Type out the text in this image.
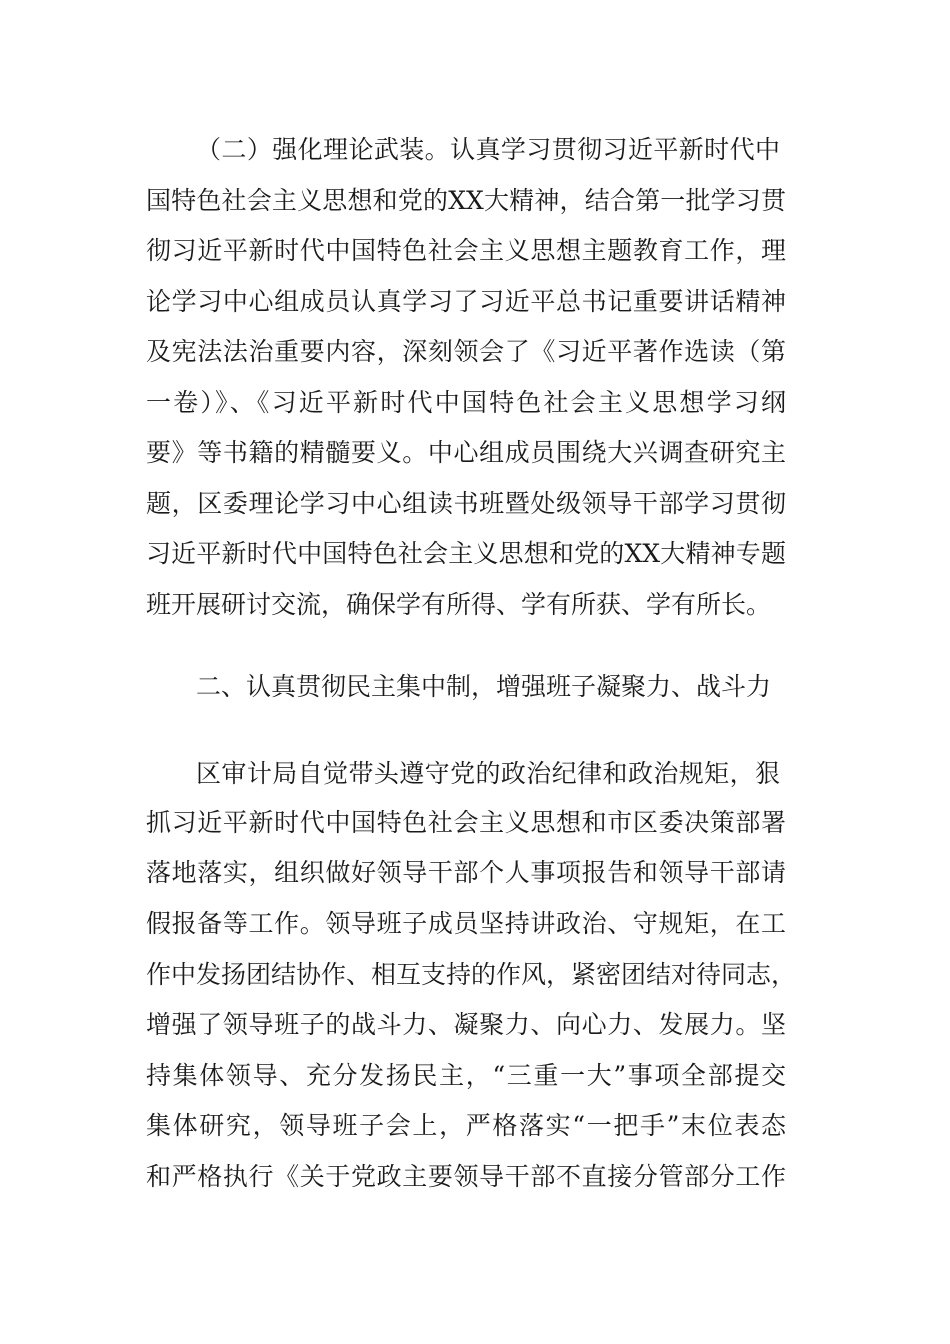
（二）强化理论武装。认真学习贯彻习近平新时代中
国特色社会主义思想和党的XX大精神，结合第一批学习贯
彻习近平新时代中国特色社会主义思想主题教育工作，理
论学习中心组成员认真学习了习近平总书记重要讲话精神
及宪法法治重要内容，深刻领会了《习近平著作选读（第
一卷）》、《习近平新时代中国特色社会主义思想学习纲
要》等书籍的精髓要义。中心组成员围绕大兴调查研究主
题，区委理论学习中心组读书班暨处级领导干部学习贯彻
习近平新时代中国特色社会主义思想和党的XX大精神专题
班开展研讨交流，确保学有所得、学有所获、学有所长。
二、认真贯彻民主集中制，增强班子凝聚力、战斗力
区审计局自觉带头遵守党的政治纪律和政治规矩，狠
抓习近平新时代中国特色社会主义思想和市区委决策部署
落地落实，组织做好领导干部个人事项报告和领导干部请
假报备等工作。领导班子成员坚持讲政治、守规矩，在工
作中发扬团结协作、相互支持的作风，紧密团结对待同志，
增强了领导班子的战斗力、凝聚力、向心力、发展力。坚
持集体领导、充分发扬民主，“三重一大”事项全部提交
集体研究，领导班子会上，严格落实“一把手”末位表态
和严格执行《关于党政主要领导干部不直接分管部分工作
